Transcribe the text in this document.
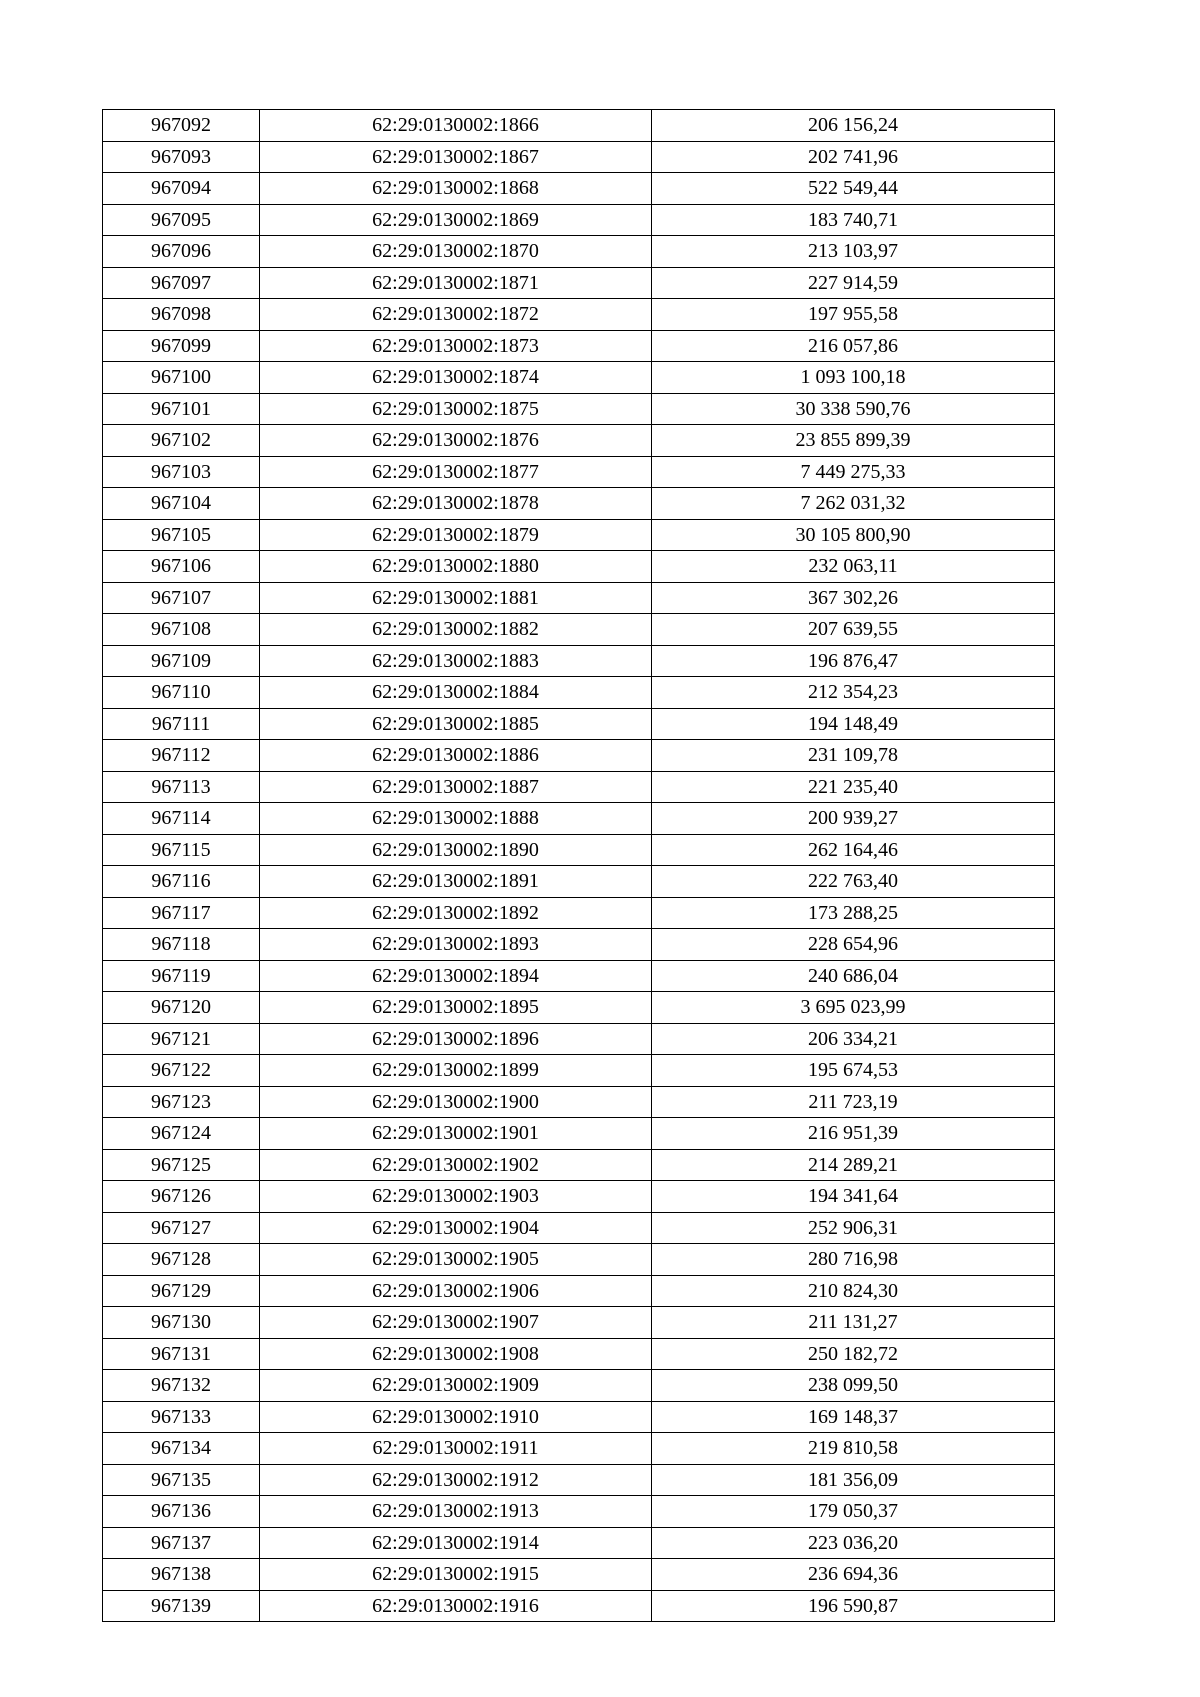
967092	62:29:0130002:1866	206 156,24
967093	62:29:0130002:1867	202 741,96
967094	62:29:0130002:1868	522 549,44
967095	62:29:0130002:1869	183 740,71
967096	62:29:0130002:1870	213 103,97
967097	62:29:0130002:1871	227 914,59
967098	62:29:0130002:1872	197 955,58
967099	62:29:0130002:1873	216 057,86
967100	62:29:0130002:1874	1 093 100,18
967101	62:29:0130002:1875	30 338 590,76
967102	62:29:0130002:1876	23 855 899,39
967103	62:29:0130002:1877	7 449 275,33
967104	62:29:0130002:1878	7 262 031,32
967105	62:29:0130002:1879	30 105 800,90
967106	62:29:0130002:1880	232 063,11
967107	62:29:0130002:1881	367 302,26
967108	62:29:0130002:1882	207 639,55
967109	62:29:0130002:1883	196 876,47
967110	62:29:0130002:1884	212 354,23
967111	62:29:0130002:1885	194 148,49
967112	62:29:0130002:1886	231 109,78
967113	62:29:0130002:1887	221 235,40
967114	62:29:0130002:1888	200 939,27
967115	62:29:0130002:1890	262 164,46
967116	62:29:0130002:1891	222 763,40
967117	62:29:0130002:1892	173 288,25
967118	62:29:0130002:1893	228 654,96
967119	62:29:0130002:1894	240 686,04
967120	62:29:0130002:1895	3 695 023,99
967121	62:29:0130002:1896	206 334,21
967122	62:29:0130002:1899	195 674,53
967123	62:29:0130002:1900	211 723,19
967124	62:29:0130002:1901	216 951,39
967125	62:29:0130002:1902	214 289,21
967126	62:29:0130002:1903	194 341,64
967127	62:29:0130002:1904	252 906,31
967128	62:29:0130002:1905	280 716,98
967129	62:29:0130002:1906	210 824,30
967130	62:29:0130002:1907	211 131,27
967131	62:29:0130002:1908	250 182,72
967132	62:29:0130002:1909	238 099,50
967133	62:29:0130002:1910	169 148,37
967134	62:29:0130002:1911	219 810,58
967135	62:29:0130002:1912	181 356,09
967136	62:29:0130002:1913	179 050,37
967137	62:29:0130002:1914	223 036,20
967138	62:29:0130002:1915	236 694,36
967139	62:29:0130002:1916	196 590,87
